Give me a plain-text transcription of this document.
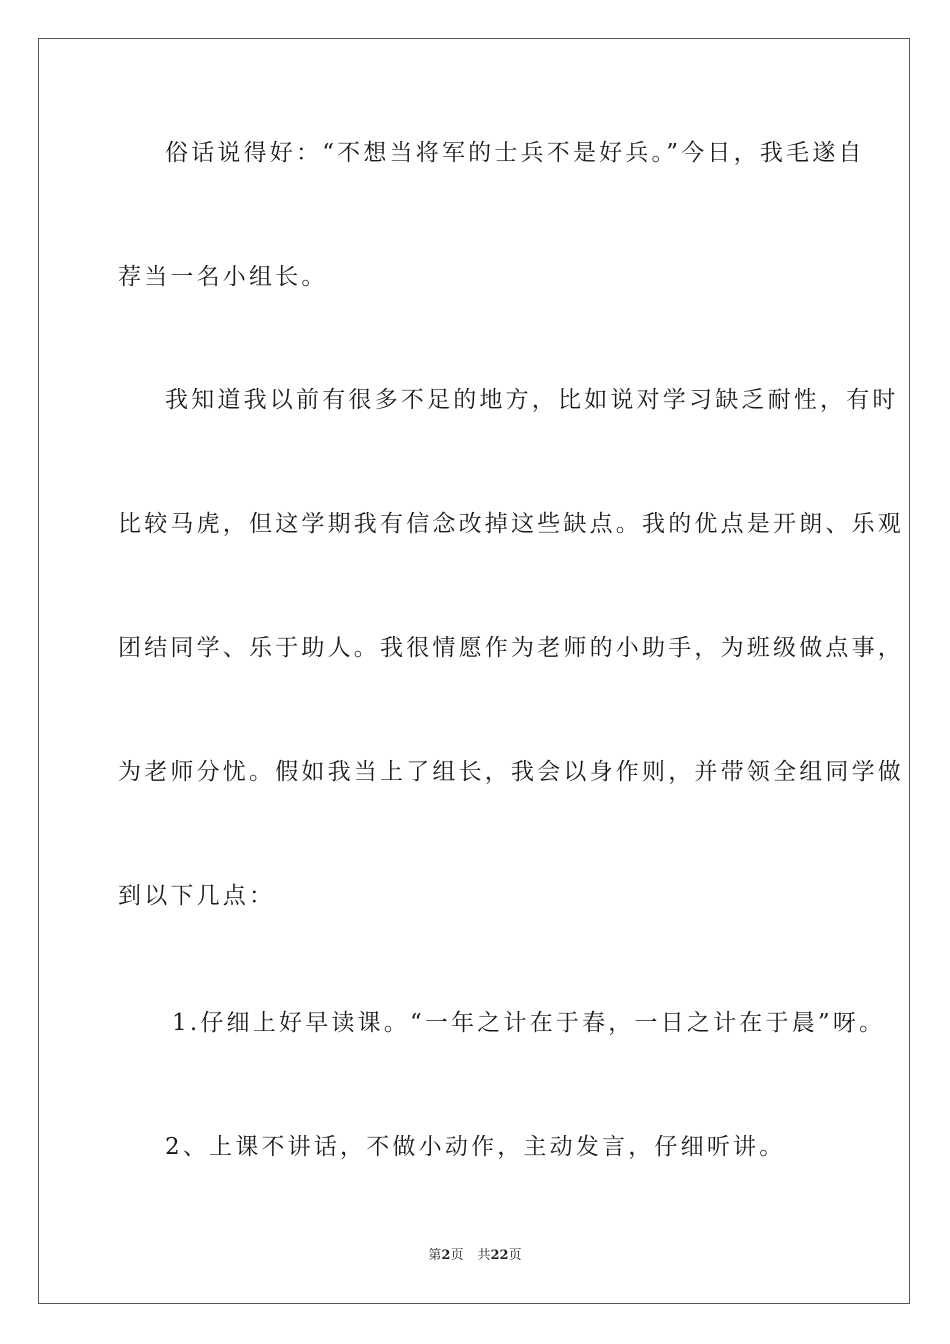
俗话说得好：“不想当将军的士兵不是好兵。”今日，我毛遂自
荐当一名小组长。
我知道我以前有很多不足的地方，比如说对学习缺乏耐性，有时
比较马虎，但这学期我有信念改掉这些缺点。我的优点是开朗、乐观
团结同学、乐于助人。我很情愿作为老师的小助手，为班级做点事，
为老师分忧。假如我当上了组长，我会以身作则，并带领全组同学做
到以下几点：
1.仔细上好早读课。“一年之计在于春，一日之计在于晨”呀。
2、上课不讲话，不做小动作，主动发言，仔细听讲。
第2页 共22页
